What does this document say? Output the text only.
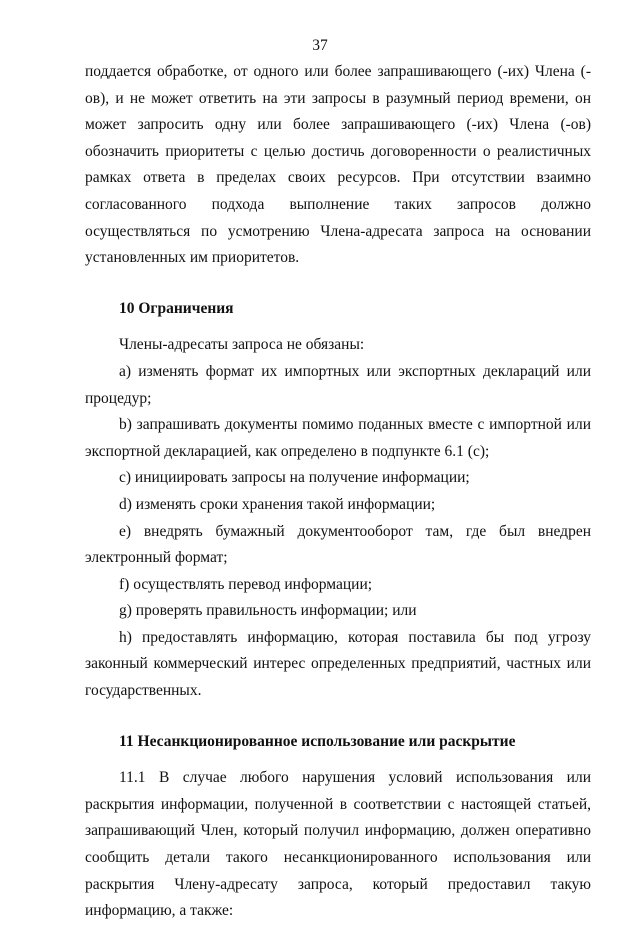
37

поддается обработке, от одного или более запрашивающего (-их) Члена (-ов), и не может ответить на эти запросы в разумный период времени, он может запросить одну или более запрашивающего (-их) Члена (-ов) обозначить приоритеты с целью достичь договоренности о реалистичных рамках ответа в пределах своих ресурсов. При отсутствии взаимно согласованного подхода выполнение таких запросов должно осуществляться по усмотрению Члена-адресата запроса на основании установленных им приоритетов.

10 Ограничения

Члены-адресаты запроса не обязаны:

a) изменять формат их импортных или экспортных деклараций или процедур;

b) запрашивать документы помимо поданных вместе с импортной или экспортной декларацией, как определено в подпункте 6.1 (с);

c) инициировать запросы на получение информации;

d) изменять сроки хранения такой информации;

e) внедрять бумажный документооборот там, где был внедрен электронный формат;

f) осуществлять перевод информации;

g) проверять правильность информации; или

h) предоставлять информацию, которая поставила бы под угрозу законный коммерческий интерес определенных предприятий, частных или государственных.

11 Несанкционированное использование или раскрытие

11.1 В случае любого нарушения условий использования или раскрытия информации, полученной в соответствии с настоящей статьей, запрашивающий Член, который получил информацию, должен оперативно сообщить детали такого несанкционированного использования или раскрытия Члену-адресату запроса, который предоставил такую информацию, а также:
